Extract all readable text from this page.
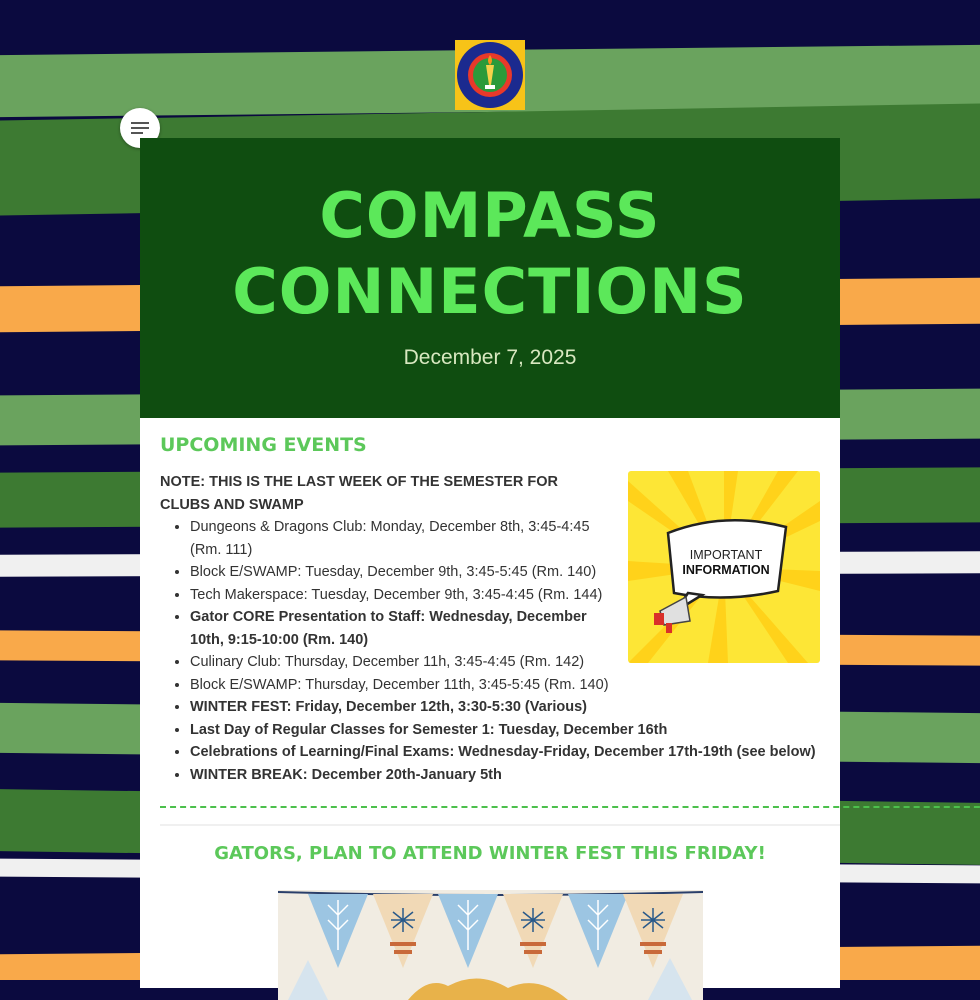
COMPASS CONNECTIONS
December 7, 2025
UPCOMING EVENTS
NOTE: THIS IS THE LAST WEEK OF THE SEMESTER FOR CLUBS AND SWAMP
• Dungeons & Dragons Club: Monday, December 8th, 3:45-4:45 (Rm. 111)
• Block E/SWAMP: Tuesday, December 9th, 3:45-5:45 (Rm. 140)
• Tech Makerspace: Tuesday, December 9th, 3:45-4:45 (Rm. 144)
• Gator CORE Presentation to Staff: Wednesday, December 10th, 9:15-10:00 (Rm. 140)
• Culinary Club: Thursday, December 11h, 3:45-4:45 (Rm. 142)
• Block E/SWAMP: Thursday, December 11th, 3:45-5:45 (Rm. 140)
• WINTER FEST: Friday, December 12th, 3:30-5:30 (Various)
• Last Day of Regular Classes for Semester 1: Tuesday, December 16th
• Celebrations of Learning/Final Exams: Wednesday-Friday, December 17th-19th (see below)
• WINTER BREAK: December 20th-January 5th
IMPORTANT
INFORMATION
GATORS, PLAN TO ATTEND WINTER FEST THIS FRIDAY!
